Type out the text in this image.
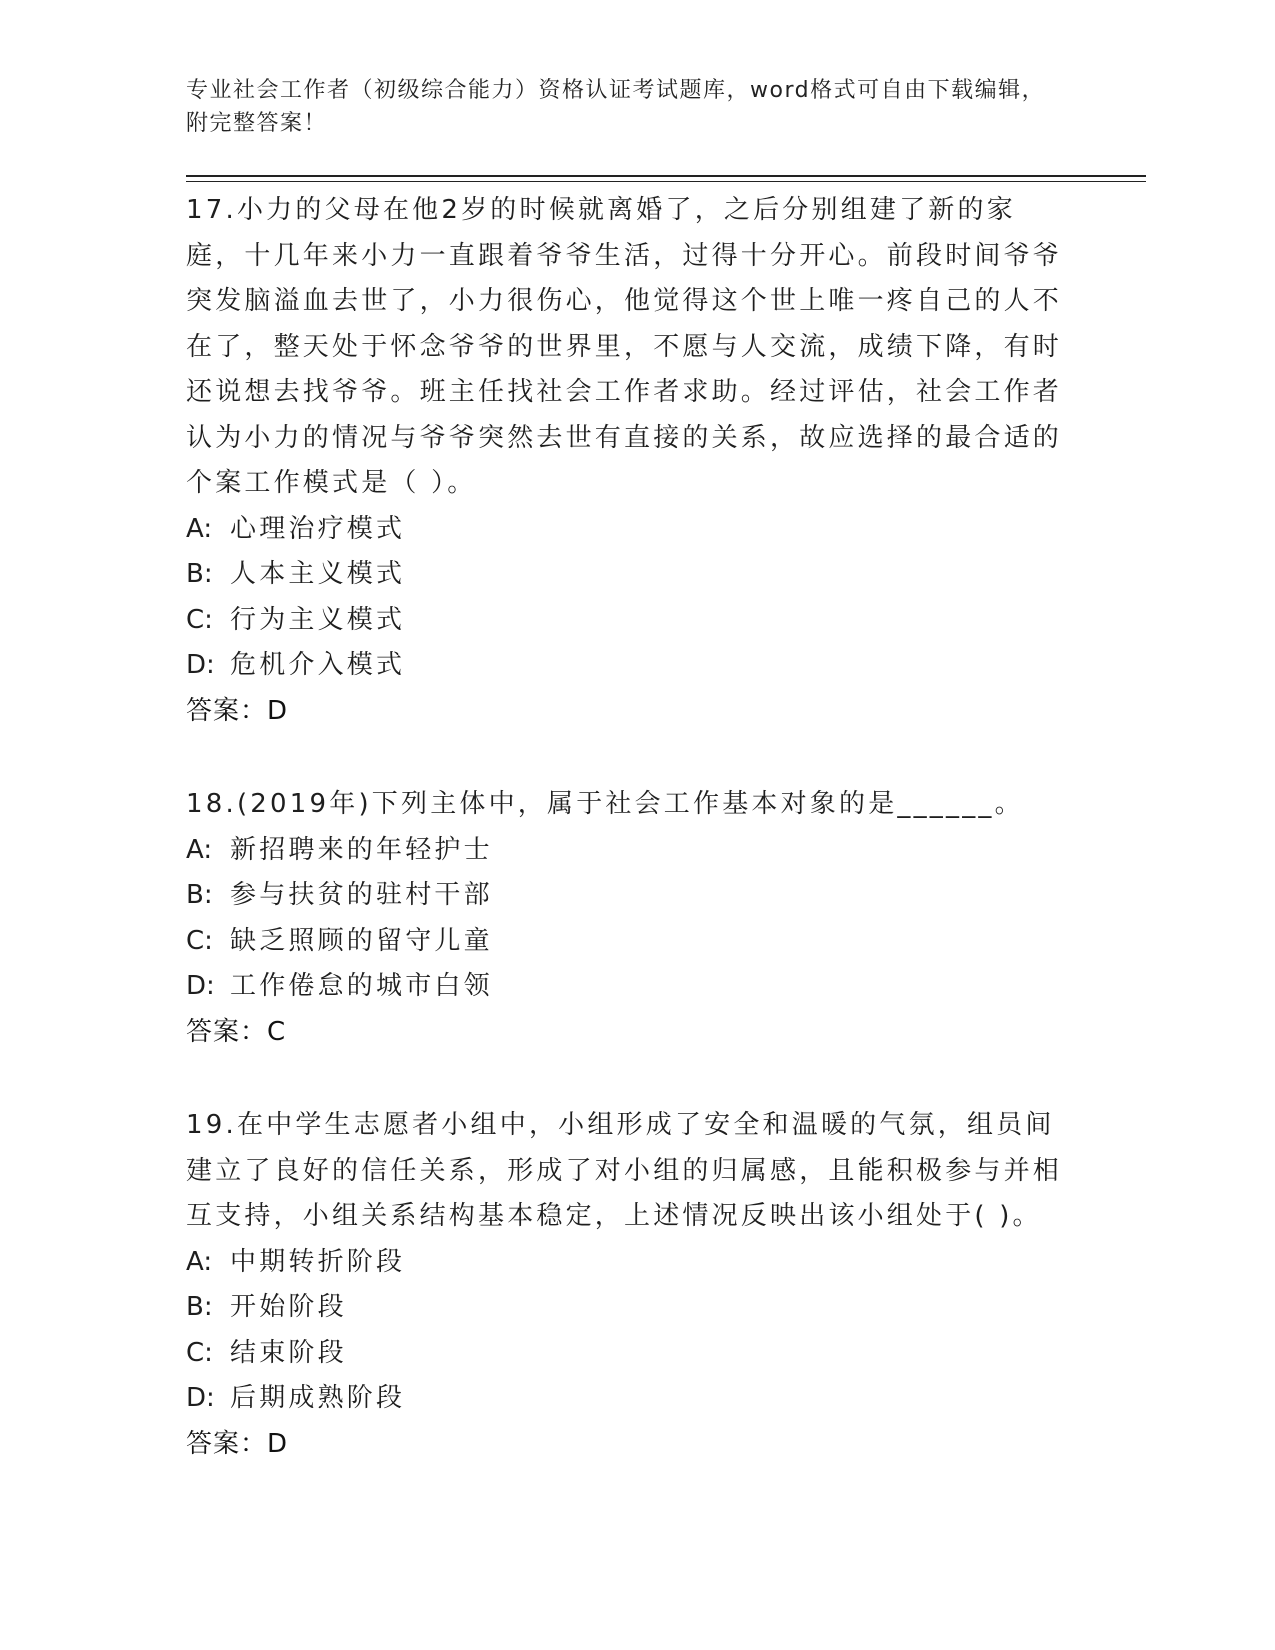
专业社会工作者（初级综合能力）资格认证考试题库，word格式可自由下载编辑，附完整答案！
17.小力的父母在他2岁的时候就离婚了，之后分别组建了新的家庭，十几年来小力一直跟着爷爷生活，过得十分开心。前段时间爷爷突发脑溢血去世了，小力很伤心，他觉得这个世上唯一疼自己的人不在了，整天处于怀念爷爷的世界里，不愿与人交流，成绩下降，有时还说想去找爷爷。班主任找社会工作者求助。经过评估，社会工作者认为小力的情况与爷爷突然去世有直接的关系，故应选择的最合适的个案工作模式是（ ）。
A: 心理治疗模式
B: 人本主义模式
C: 行为主义模式
D: 危机介入模式
答案：D
18.(2019年)下列主体中，属于社会工作基本对象的是______。
A: 新招聘来的年轻护士
B: 参与扶贫的驻村干部
C: 缺乏照顾的留守儿童
D: 工作倦怠的城市白领
答案：C
19.在中学生志愿者小组中，小组形成了安全和温暖的气氛，组员间建立了良好的信任关系，形成了对小组的归属感，且能积极参与并相互支持，小组关系结构基本稳定，上述情况反映出该小组处于( )。
A: 中期转折阶段
B: 开始阶段
C: 结束阶段
D: 后期成熟阶段
答案：D
